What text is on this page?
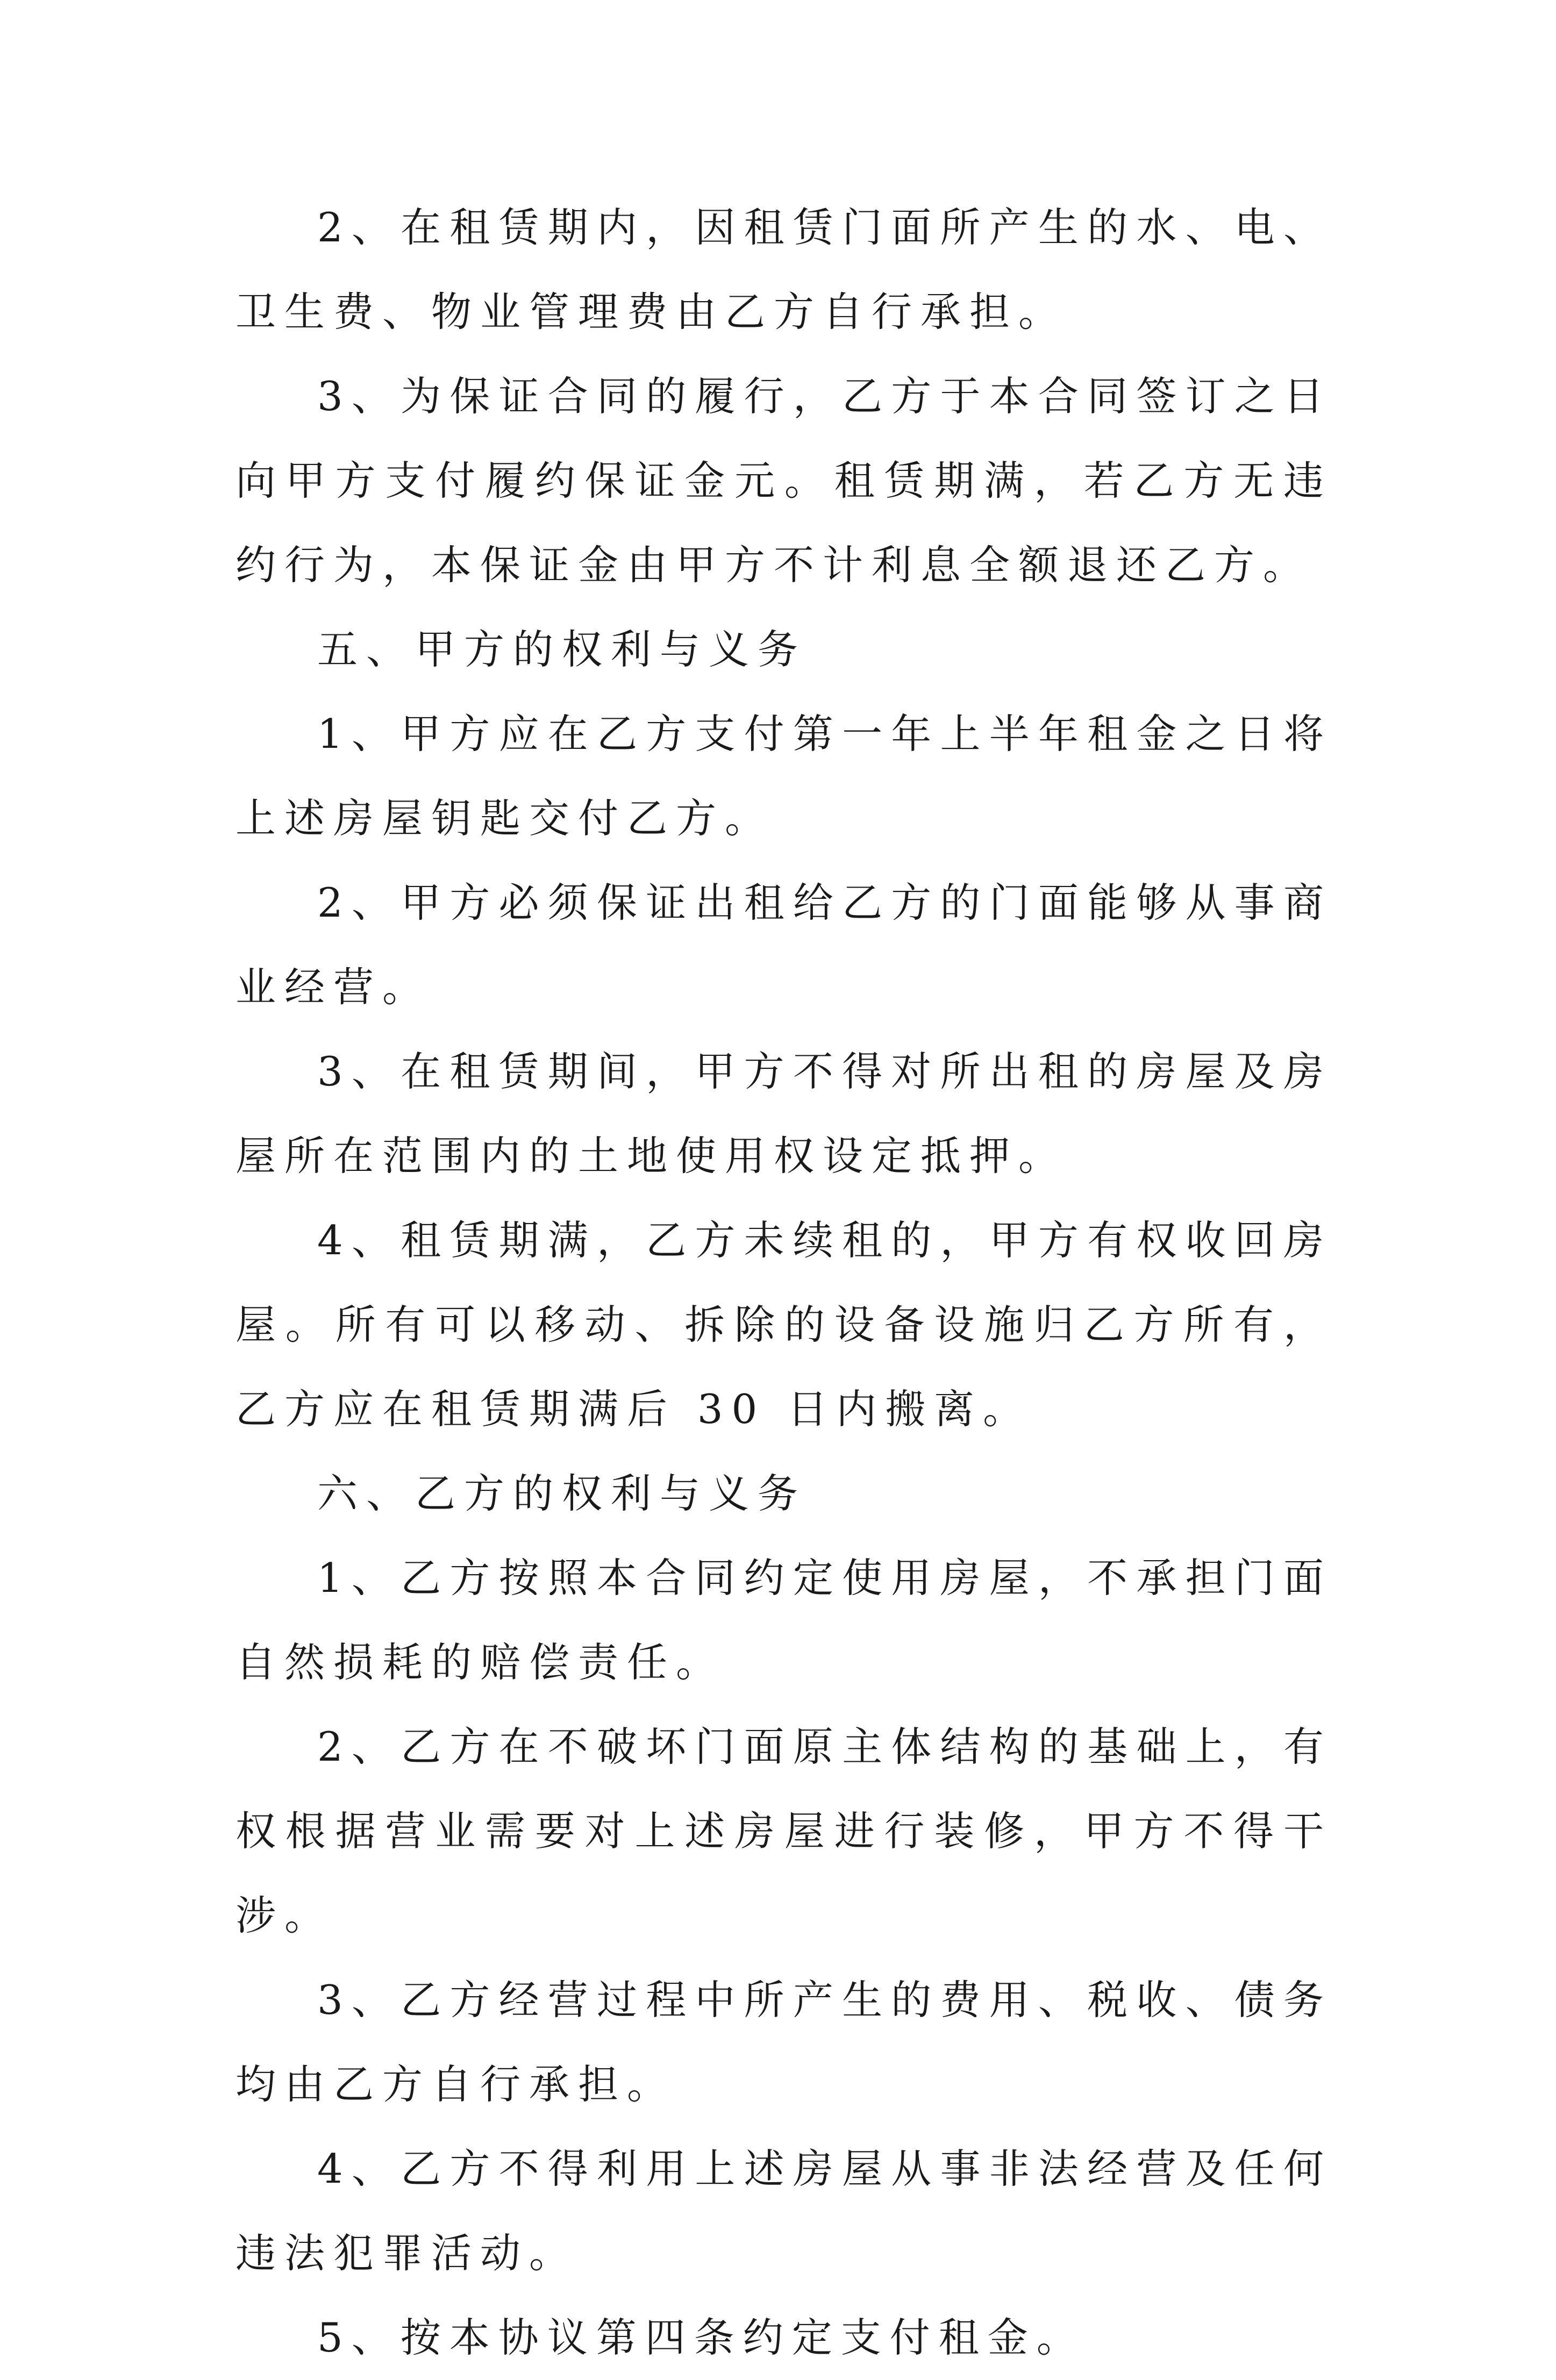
2、在租赁期内，因租赁门面所产生的水、电、卫生费、物业管理费由乙方自行承担。

3、为保证合同的履行，乙方于本合同签订之日向甲方支付履约保证金元。租赁期满，若乙方无违约行为，本保证金由甲方不计利息全额退还乙方。

五、甲方的权利与义务

1、甲方应在乙方支付第一年上半年租金之日将上述房屋钥匙交付乙方。

2、甲方必须保证出租给乙方的门面能够从事商业经营。

3、在租赁期间，甲方不得对所出租的房屋及房屋所在范围内的土地使用权设定抵押。

4、租赁期满，乙方未续租的，甲方有权收回房屋。所有可以移动、拆除的设备设施归乙方所有，乙方应在租赁期满后 30 日内搬离。

六、乙方的权利与义务

1、乙方按照本合同约定使用房屋，不承担门面自然损耗的赔偿责任。

2、乙方在不破坏门面原主体结构的基础上，有权根据营业需要对上述房屋进行装修，甲方不得干涉。

3、乙方经营过程中所产生的费用、税收、债务均由乙方自行承担。

4、乙方不得利用上述房屋从事非法经营及任何违法犯罪活动。

5、按本协议第四条约定支付租金。
